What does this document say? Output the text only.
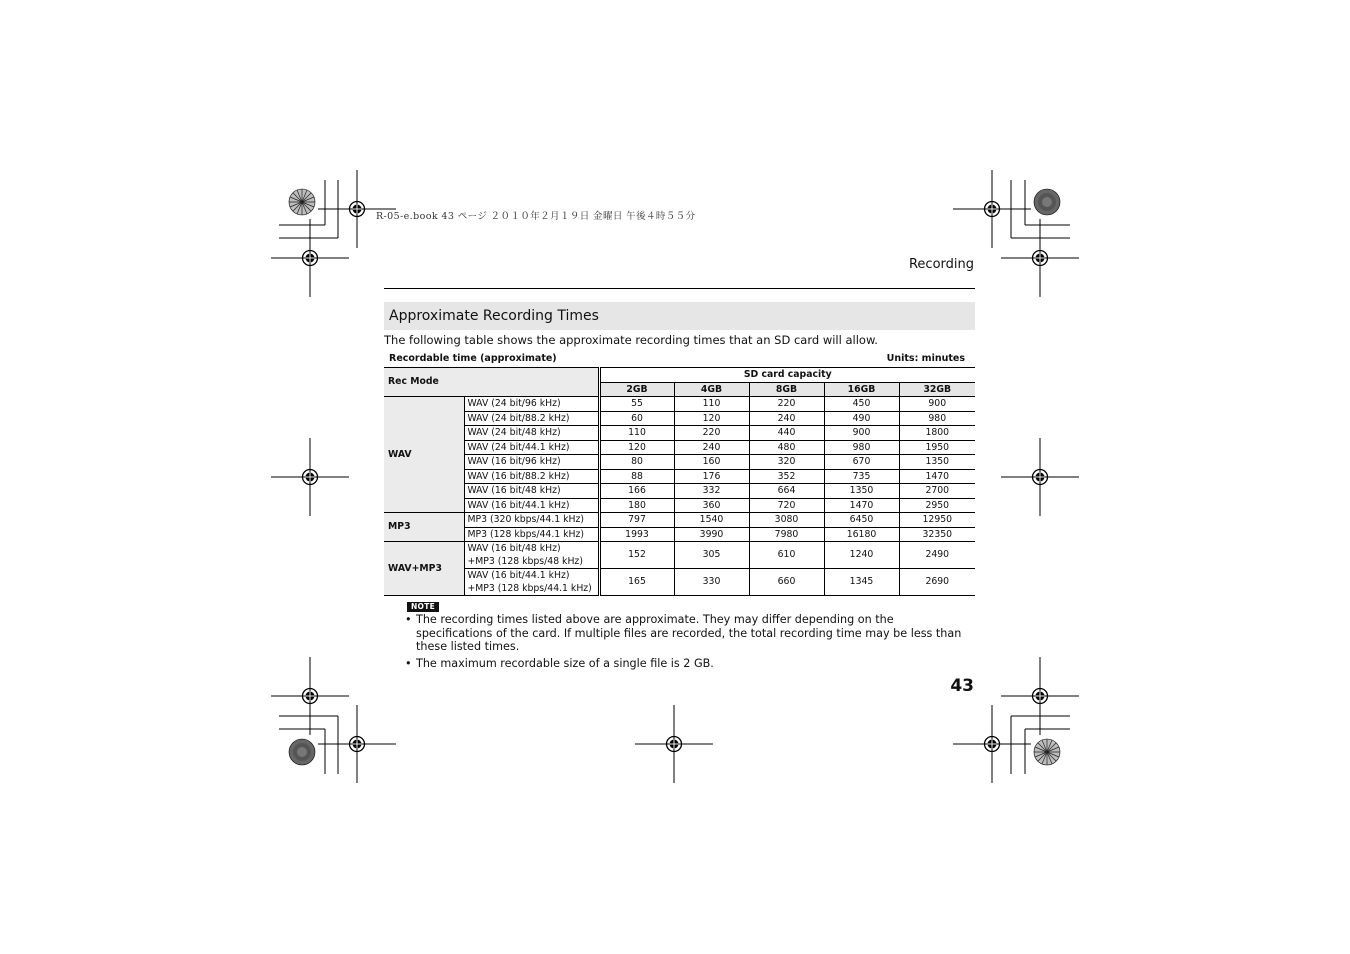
R-05-e.book 43 ページ ２０１０年２月１９日 金曜日 午後４時５５分
Recording
Approximate Recording Times
The following table shows the approximate recording times that an SD card will allow.
Recordable time (approximate)	Units: minutes
Rec Mode		SD card capacity				
		2GB	4GB	8GB	16GB	32GB
WAV	WAV (24 bit/96 kHz)	55	110	220	450	900
	WAV (24 bit/88.2 kHz)	60	120	240	490	980
	WAV (24 bit/48 kHz)	110	220	440	900	1800
	WAV (24 bit/44.1 kHz)	120	240	480	980	1950
	WAV (16 bit/96 kHz)	80	160	320	670	1350
	WAV (16 bit/88.2 kHz)	88	176	352	735	1470
	WAV (16 bit/48 kHz)	166	332	664	1350	2700
	WAV (16 bit/44.1 kHz)	180	360	720	1470	2950
MP3	MP3 (320 kbps/44.1 kHz)	797	1540	3080	6450	12950
	MP3 (128 kbps/44.1 kHz)	1993	3990	7980	16180	32350
WAV+MP3	WAV (16 bit/48 kHz)
+MP3 (128 kbps/48 kHz)	152	305	610	1240	2490

	WAV (16 bit/44.1 kHz)
+MP3 (128 kbps/44.1 kHz)	165	330	660	1345	2690
NOTE
• The recording times listed above are approximate. They may differ depending on the specifications of the card. If multiple files are recorded, the total recording time may be less than these listed times.
• The maximum recordable size of a single file is 2 GB.
43
